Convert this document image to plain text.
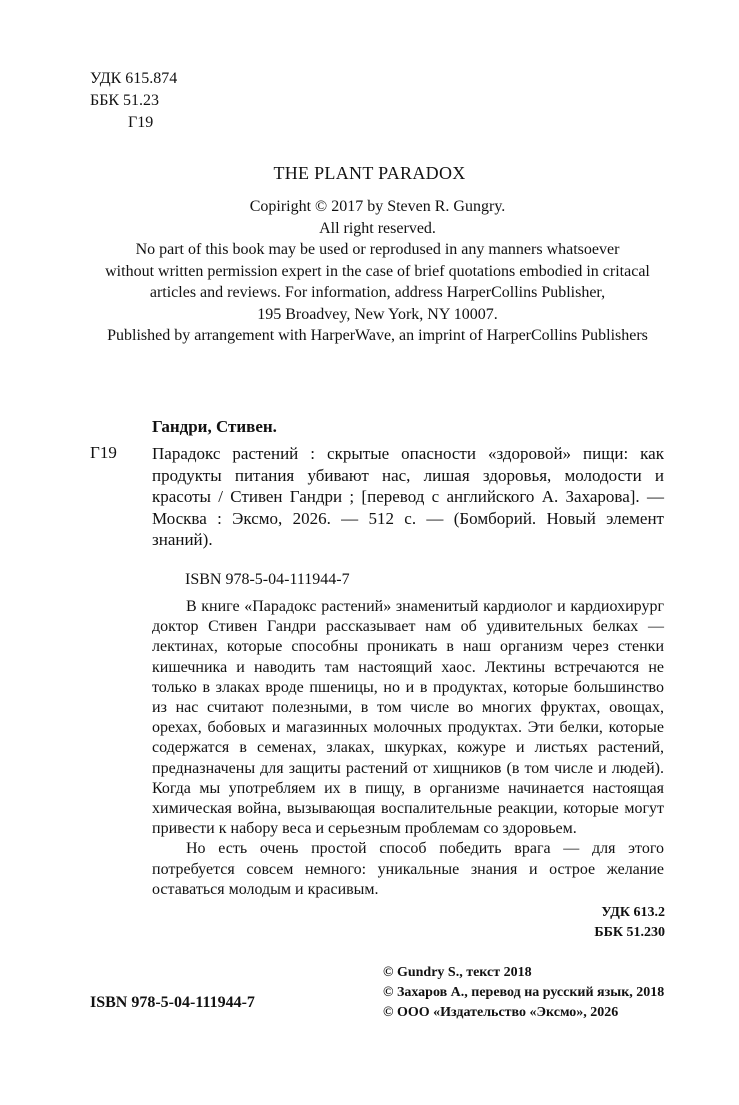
УДК 615.874
ББК 51.23
Г19
THE PLANT PARADOX
Copiright © 2017 by Steven R. Gungry.
All right reserved.
No part of this book may be used or reprodused in any manners whatsoever
without written permission expert in the case of brief quotations embodied in critacal
articles and reviews. For information, address HarperCollins Publisher,
195 Broadvey, New York, NY 10007.
Published by arrangement with HarperWave, an imprint of HarperCollins Publishers
Гандри, Стивен.
Г19 Парадокс растений : скрытые опасности «здоровой» пищи: как продукты питания убивают нас, лишая здоровья, молодости и красоты / Стивен Гандри ; [перевод с английского А. Захарова]. — Москва : Эксмо, 2026. — 512 с. — (Бомборий. Новый элемент знаний).
ISBN 978-5-04-111944-7

В книге «Парадокс растений» знаменитый кардиолог и кардиохирург доктор Стивен Гандри рассказывает нам об удивительных белках — лектинах, которые способны проникать в наш организм через стенки кишечника и наводить там настоящий хаос. Лектины встречаются не только в злаках вроде пшеницы, но и в продуктах, которые большинство из нас считают полезными, в том числе во многих фруктах, овощах, орехах, бобовых и магазинных молочных продуктах. Эти белки, которые содержатся в семенах, злаках, шкурках, кожуре и листьях растений, предназначены для защиты растений от хищников (в том числе и людей). Когда мы употребляем их в пищу, в организме начинается настоящая химическая война, вызывающая воспалительные реакции, которые могут привести к набору веса и серьезным проблемам со здоровьем.

Но есть очень простой способ победить врага — для этого потребуется совсем немного: уникальные знания и острое желание оставаться молодым и красивым.

УДК 613.2
ББК 51.230
© Gundry S., текст 2018
© Захаров А., перевод на русский язык, 2018
© ООО «Издательство «Эксмо», 2026
ISBN 978-5-04-111944-7
